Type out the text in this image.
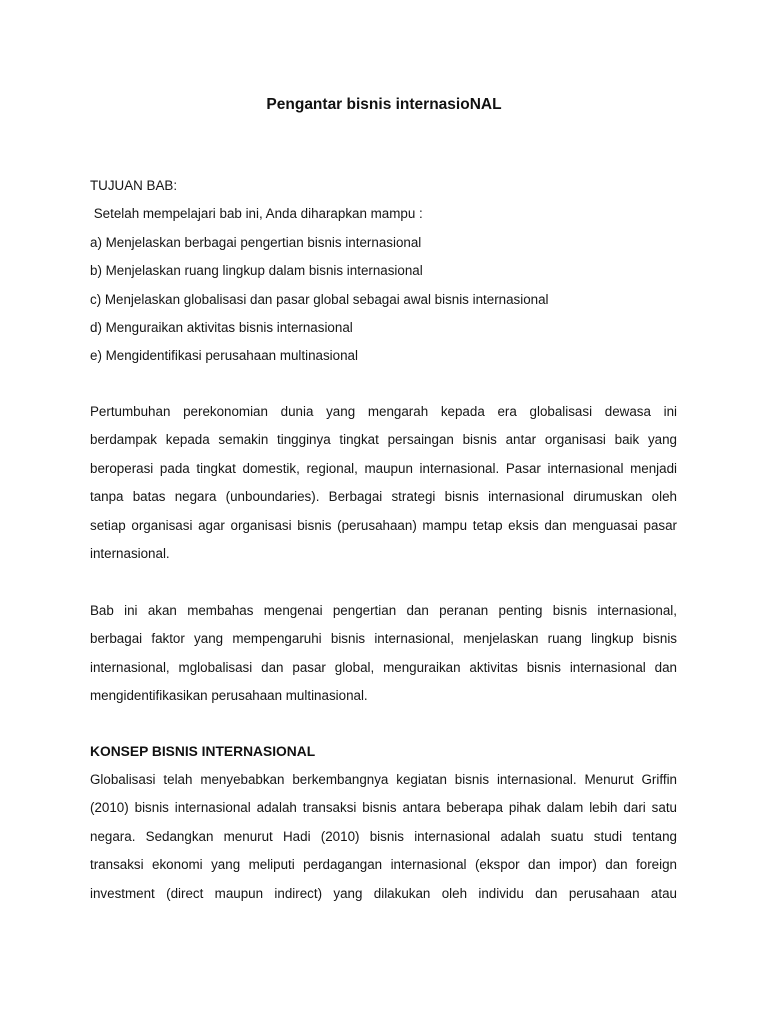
Pengantar bisnis internasioNAL
TUJUAN BAB:
Setelah mempelajari bab ini, Anda diharapkan mampu :
a) Menjelaskan berbagai pengertian bisnis internasional
b) Menjelaskan ruang lingkup dalam bisnis internasional
c) Menjelaskan globalisasi dan pasar global sebagai awal bisnis internasional
d) Menguraikan aktivitas bisnis internasional
e) Mengidentifikasi perusahaan multinasional
Pertumbuhan perekonomian dunia yang mengarah kepada era globalisasi dewasa ini
berdampak kepada semakin tingginya tingkat persaingan bisnis antar organisasi baik yang
beroperasi pada tingkat domestik, regional, maupun internasional. Pasar internasional menjadi
tanpa batas negara (unboundaries). Berbagai strategi bisnis internasional dirumuskan oleh
setiap organisasi agar organisasi bisnis (perusahaan) mampu tetap eksis dan menguasai pasar
internasional.
Bab ini akan membahas mengenai pengertian dan peranan penting bisnis internasional,
berbagai faktor yang mempengaruhi bisnis internasional, menjelaskan ruang lingkup bisnis
internasional, mglobalisasi dan pasar global, menguraikan aktivitas bisnis internasional dan
mengidentifikasikan perusahaan multinasional.
KONSEP BISNIS INTERNASIONAL
Globalisasi telah menyebabkan berkembangnya kegiatan bisnis internasional. Menurut Griffin
(2010) bisnis internasional adalah transaksi bisnis antara beberapa pihak dalam lebih dari satu
negara. Sedangkan menurut Hadi (2010) bisnis internasional adalah suatu studi tentang
transaksi ekonomi yang meliputi perdagangan internasional (ekspor dan impor) dan foreign
investment (direct maupun indirect) yang dilakukan oleh individu dan perusahaan atau
